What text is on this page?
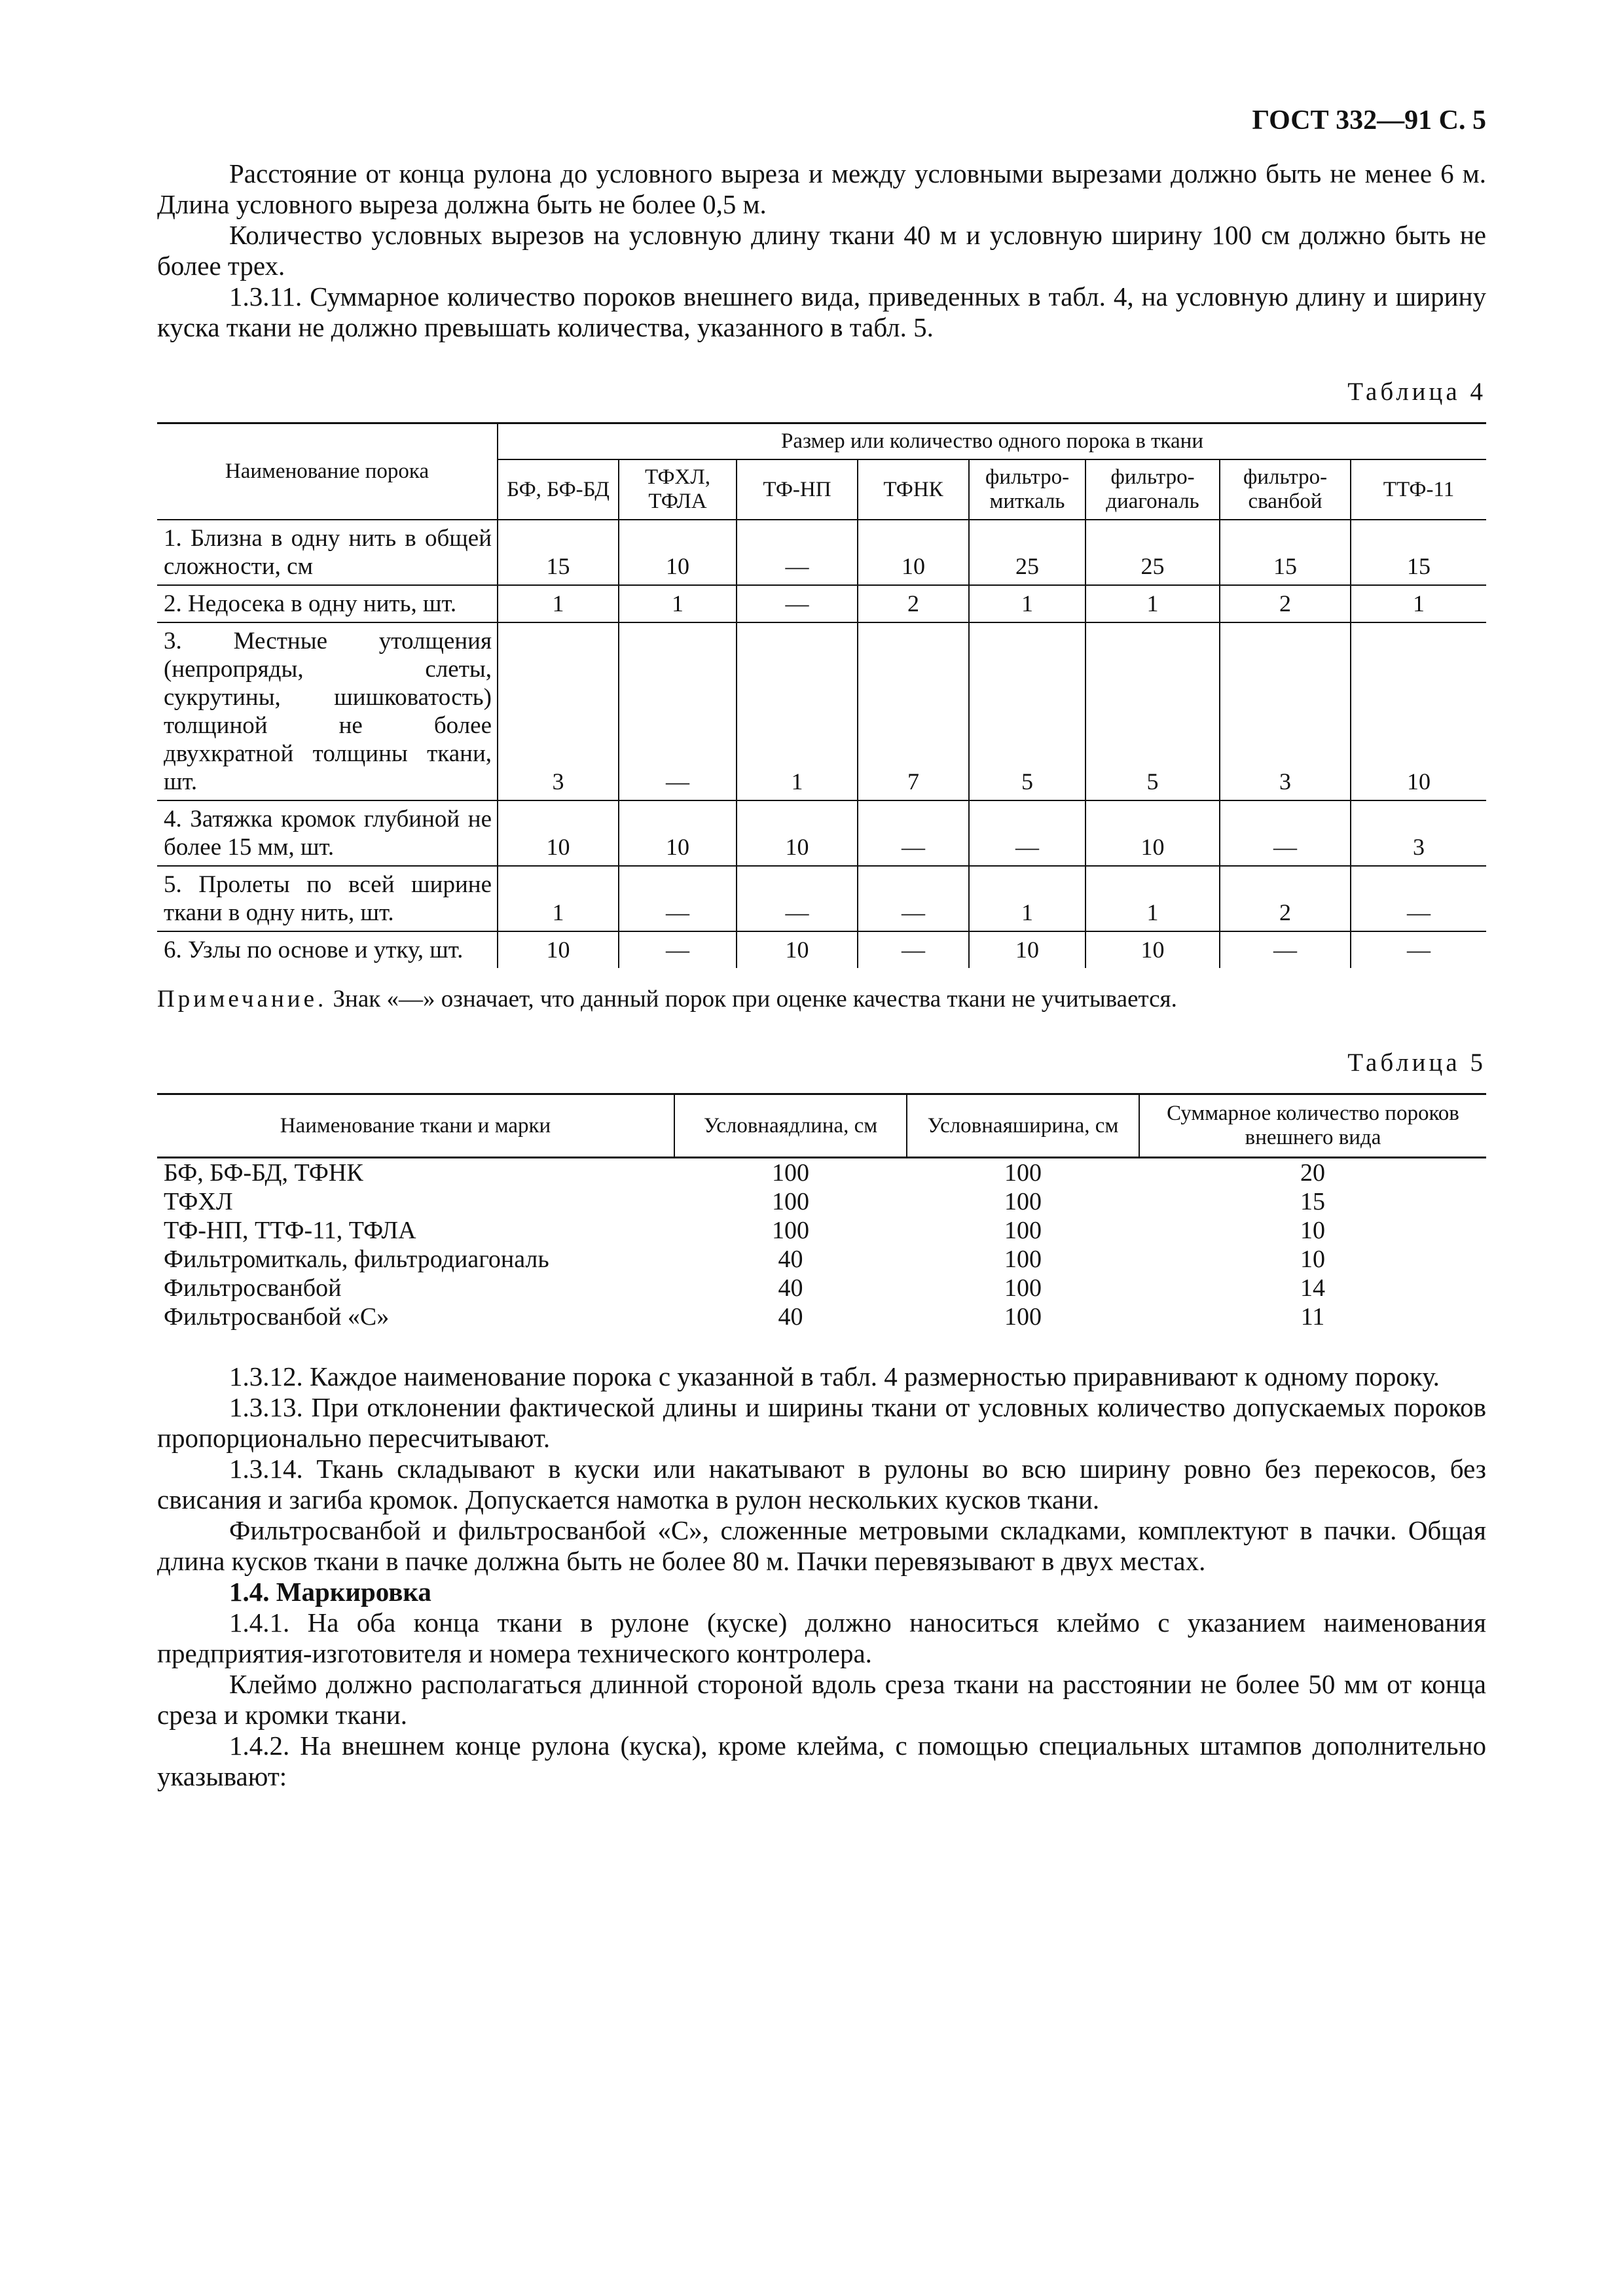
ГОСТ 332—91 С. 5

Расстояние от конца рулона до условного выреза и между условными вырезами должно быть не менее 6 м. Длина условного выреза должна быть не более 0,5 м.

Количество условных вырезов на условную длину ткани 40 м и условную ширину 100 см должно быть не более трех.

1.3.11. Суммарное количество пороков внешнего вида, приведенных в табл. 4, на условную длину и ширину куска ткани не должно превышать количества, указанного в табл. 5.

Таблица 4
Наименование порока	Размер или количество одного порока в ткани							
	БФ, БФ-БД	ТФХЛ, ТФЛА	ТФ-НП	ТФНК	фильтро-миткаль	фильтро-диагональ	фильтро-cванбой	ТТФ-11
1. Близна в одну нить в общей сложности, см	15	10	—	10	25	25	15	15
2. Недосека в одну нить, шт.	1	1	—	2	1	1	2	1
3. Местные утолщения (непропряды, слеты, сукрутины, шишковатость) толщиной не более двухкратной толщины ткани, шт.	3	—	1	7	5	5	3	10
4. Затяжка кромок глубиной не более 15 мм, шт.	10	10	10	—	—	10	—	3
5. Пролеты по всей ширине ткани в одну нить, шт.	1	—	—	—	1	1	2	—
6. Узлы по основе и утку, шт.	10	—	10	—	10	10	—	—
Примечание. Знак «—» означает, что данный порок при оценке качества ткани не учитывается.
Таблица 5
Наименование ткани и марки	Условнаядлина, см	Условнаяширина, см	Суммарное количество пороков внешнего вида
БФ, БФ-БД, ТФНК	100	100	20
ТФХЛ	100	100	15
ТФ-НП, ТТФ-11, ТФЛА	100	100	10
Фильтромиткаль, фильтродиагональ	40	100	10
Фильтросванбой	40	100	14
Фильтросванбой «С»	40	100	11

1.3.12. Каждое наименование порока с указанной в табл. 4 размерностью приравнивают к одному пороку.

1.3.13. При отклонении фактической длины и ширины ткани от условных количество допускаемых пороков пропорционально пересчитывают.

1.3.14. Ткань складывают в куски или накатывают в рулоны во всю ширину ровно без перекосов, без свисания и загиба кромок. Допускается намотка в рулон нескольких кусков ткани.

Фильтросванбой и фильтросванбой «С», сложенные метровыми складками, комплектуют в пачки. Общая длина кусков ткани в пачке должна быть не более 80 м. Пачки перевязывают в двух местах.

1.4. Маркировка

1.4.1. На оба конца ткани в рулоне (куске) должно наноситься клеймо с указанием наименования предприятия-изготовителя и номера технического контролера.

Клеймо должно располагаться длинной стороной вдоль среза ткани на расстоянии не более 50 мм от конца среза и кромки ткани.

1.4.2. На внешнем конце рулона (куска), кроме клейма, с помощью специальных штампов дополнительно указывают:
